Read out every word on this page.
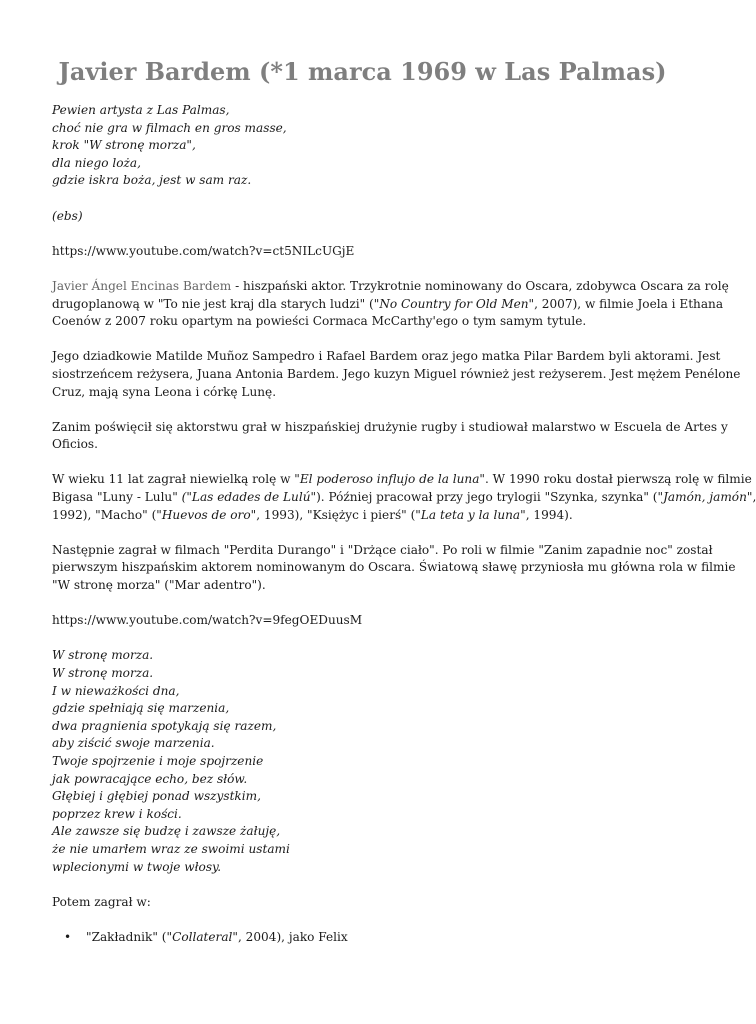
Javier Bardem (*1 marca 1969 w Las Palmas)
Pewien artysta z Las Palmas,
choć nie gra w filmach en gros masse,
krok "W stronę morza",
dla niego loża,
gdzie iskra boża, jest w sam raz.
(ebs)
https://www.youtube.com/watch?v=ct5NILcUGjE
Javier Ángel Encinas Bardem - hiszpański aktor. Trzykrotnie nominowany do Oscara, zdobywca Oscara za rolę
drugoplanową w "To nie jest kraj dla starych ludzi" ("No Country for Old Men", 2007), w filmie Joela i Ethana
Coenów z 2007 roku opartym na powieści Cormaca McCarthy'ego o tym samym tytule.
Jego dziadkowie Matilde Muñoz Sampedro i Rafael Bardem oraz jego matka Pilar Bardem byli aktorami. Jest
siostrzeńcem reżysera, Juana Antonia Bardem. Jego kuzyn Miguel również jest reżyserem. Jest mężem Penélone
Cruz, mają syna Leona i córkę Lunę.
Zanim poświęcił się aktorstwu grał w hiszpańskiej drużynie rugby i studiował malarstwo w Escuela de Artes y
Oficios.
W wieku 11 lat zagrał niewielką rolę w "El poderoso influjo de la luna". W 1990 roku dostał pierwszą rolę w filmie
Bigasa "Luny - Lulu" ("Las edades de Lulú"). Później pracował przy jego trylogii "Szynka, szynka" ("Jamón, jamón",
1992), "Macho" ("Huevos de oro", 1993), "Księżyc i pierś" ("La teta y la luna", 1994).
Następnie zagrał w filmach "Perdita Durango" i "Drżące ciało". Po roli w filmie "Zanim zapadnie noc" został
pierwszym hiszpańskim aktorem nominowanym do Oscara. Światową sławę przyniosła mu główna rola w filmie
"W stronę morza" ("Mar adentro").
https://www.youtube.com/watch?v=9fegOEDuusM
W stronę morza.
W stronę morza.
I w nieważkości dna,
gdzie spełniają się marzenia,
dwa pragnienia spotykają się razem,
aby ziścić swoje marzenia.
Twoje spojrzenie i moje spojrzenie
jak powracające echo, bez słów.
Głębiej i głębiej ponad wszystkim,
poprzez krew i kości.
Ale zawsze się budzę i zawsze żałuję,
że nie umarłem wraz ze swoimi ustami
wplecionymi w twoje włosy.
Potem zagrał w:
• "Zakładnik" ("Collateral", 2004), jako Felix
